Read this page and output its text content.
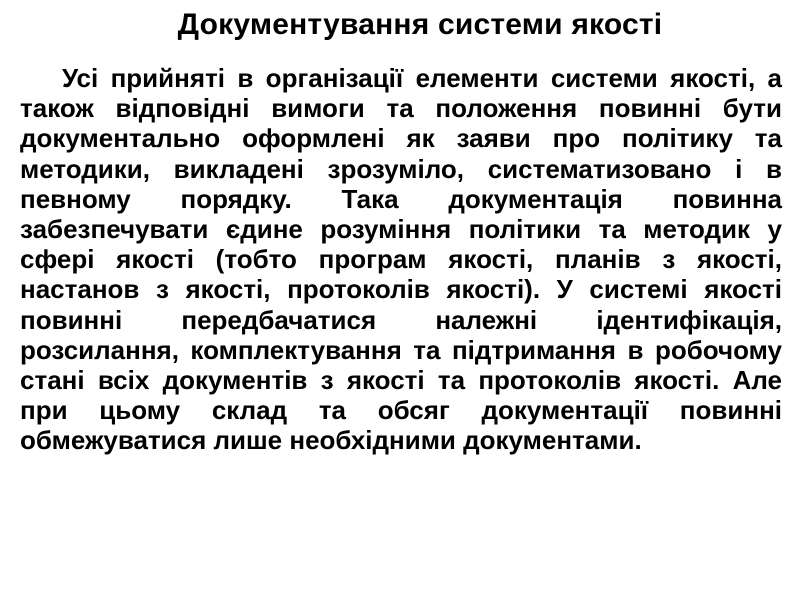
Документування системи якості

Усі прийняті в організації елементи системи якості, а також відповідні вимоги та положення повинні бути документально оформлені як заяви про політику та методики, викладені зрозуміло, систематизовано і в певному порядку. Така документація повинна забезпечувати єдине розуміння політики та методик у сфері якості (тобто програм якості, планів з якості, настанов з якості, протоколів якості). У системі якості повинні передбачатися належні ідентифікація, розсилання, комплектування та підтримання в робочому стані всіх документів з якості та протоколів якості. Але при цьому склад та обсяг документації повинні обмежуватися лише необхідними документами.
